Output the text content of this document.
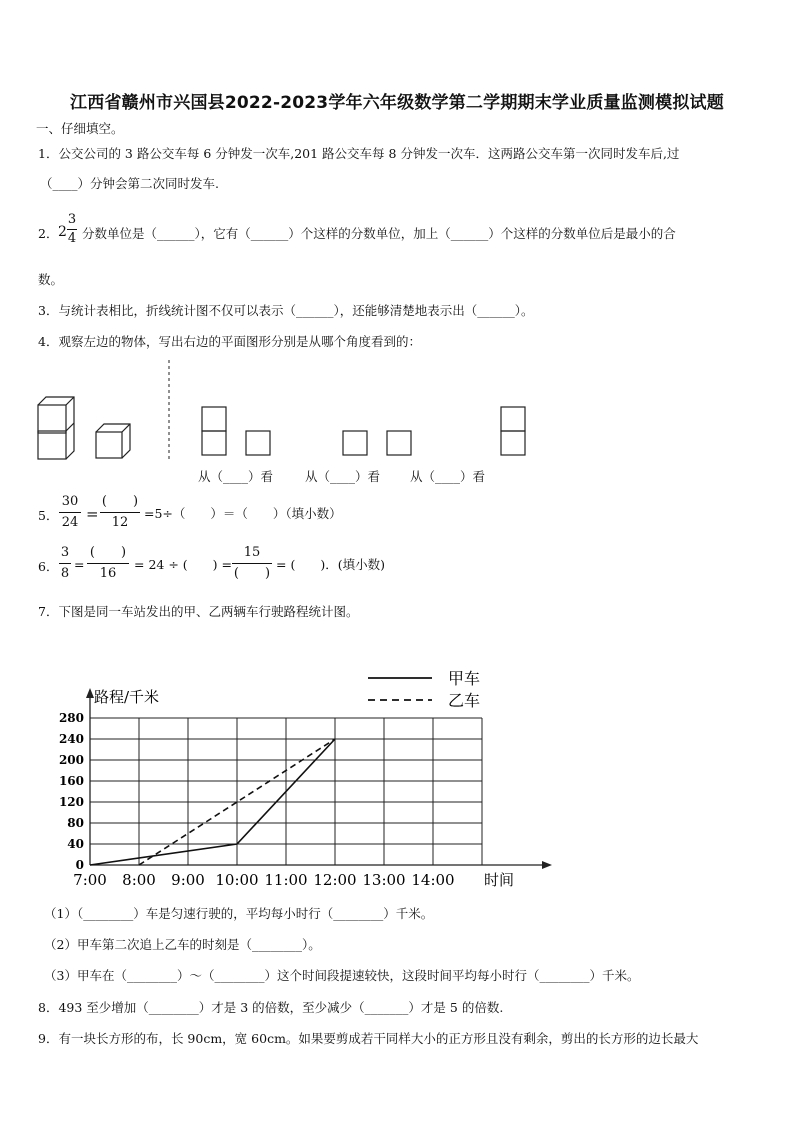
江西省赣州市兴国县2022-2023学年六年级数学第二学期期末学业质量监测模拟试题
一、仔细填空。
1．公交公司的 3 路公交车每 6 分钟发一次车,201 路公交车每 8 分钟发一次车．这两路公交车第一次同时发车后,过
（____）分钟会第二次同时发车.
2． 2
3
4 分数单位是（______），它有（______）个这样的分数单位，加上（______）个这样的分数单位后是最小的合
数。
3．与统计表相比，折线统计图不仅可以表示（______），还能够清楚地表示出（______）。
4．观察左边的物体，写出右边的平面图形分别是从哪个角度看到的：
从（____）看	从（____）看 从（____）看
5．
30
24 =
(　　)
12
=5÷（　　）＝（　　）（填小数）
6．
3
8
=
(　　)
16
= 24 ÷ (　　) =
15
(　　)
= (　　)．(填小数)
7．下图是同一车站发出的甲、乙两辆车行驶路程统计图。
0
40
80
120
160
200
240
280
7:00 8:00 9:00 10:00 11:00 12:00 13:00 14:00
甲车
乙车
路程/千米
时间
（1）（________）车是匀速行驶的，平均每小时行（________）千米。
（2）甲车第二次追上乙车的时刻是（________）。
（3）甲车在（________）～（________）这个时间段提速较快，这段时间平均每小时行（________）千米。
8．493 至少增加（________）才是 3 的倍数，至少减少（_______）才是 5 的倍数.
9．有一块长方形的布，长 90cm，宽 60cm。如果要剪成若干同样大小的正方形且没有剩余，剪出的长方形的边长最大
